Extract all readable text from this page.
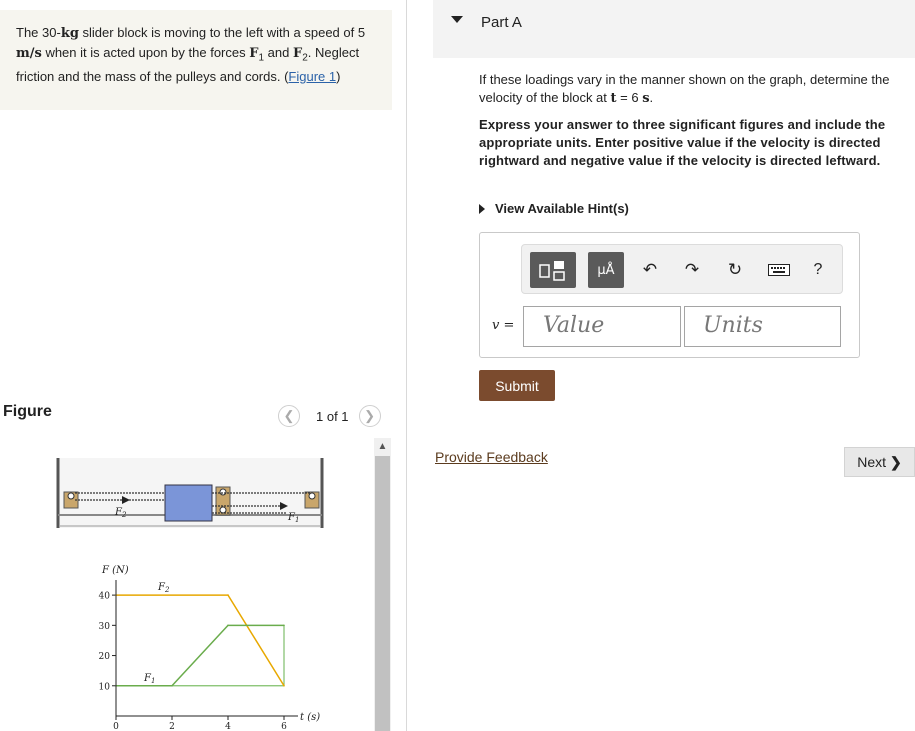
The 30-kg slider block is moving to the left with a speed of 5 m/s when it is acted upon by the forces $F_1$ and $F_2$. Neglect friction and the mass of the pulleys and cords. (Figure 1)
Figure	❮	1 of 1	❯
▲
$F_2$	$F_1$
F (N)
t (s)
10
20
30
40
0	2	4	6
$F_2$
$F_1$
Part A
If these loadings vary in the manner shown on the graph, determine the velocity of the block at t = 6 s.
Express your answer to three significant figures and include the appropriate units. Enter positive value if the velocity is directed rightward and negative value if the velocity is directed leftward.
View Available Hint(s)
μÅ	↶ ↷ ↻	?
v =	Value	Units
Submit
Provide Feedback	Next ❯
